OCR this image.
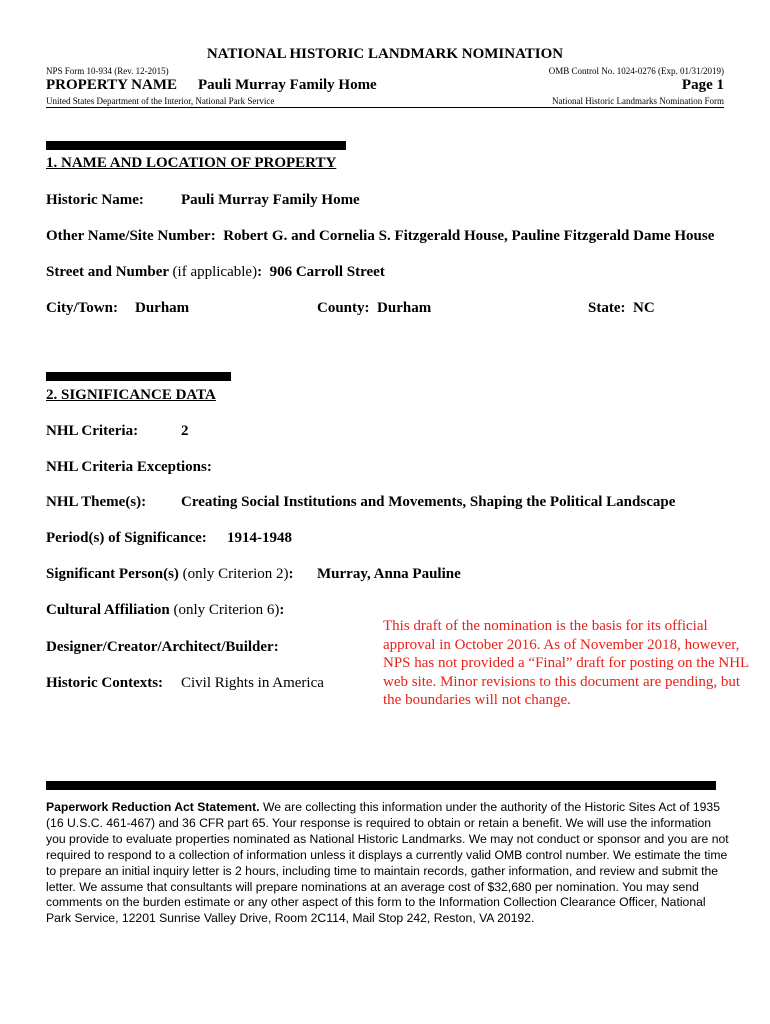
NATIONAL HISTORIC LANDMARK NOMINATION
NPS Form 10-934 (Rev. 12-2015)	OMB Control No. 1024-0276 (Exp. 01/31/2019)
PROPERTY NAME Pauli Murray Family Home	Page 1
United States Department of the Interior, National Park Service	National Historic Landmarks Nomination Form
1. NAME AND LOCATION OF PROPERTY
Historic Name: Pauli Murray Family Home
Other Name/Site Number: Robert G. and Cornelia S. Fitzgerald House, Pauline Fitzgerald Dame House
Street and Number (if applicable): 906 Carroll Street
City/Town: Durham	County: Durham	State: NC
2. SIGNIFICANCE DATA
NHL Criteria:	2
NHL Criteria Exceptions:
NHL Theme(s): Creating Social Institutions and Movements, Shaping the Political Landscape
Period(s) of Significance: 1914-1948
Significant Person(s) (only Criterion 2): Murray, Anna Pauline
Cultural Affiliation (only Criterion 6):
Designer/Creator/Architect/Builder:
Historic Contexts: Civil Rights in America
This draft of the nomination is the basis for its official approval in October 2016. As of November 2018, however, NPS has not provided a “Final” draft for posting on the NHL web site. Minor revisions to this document are pending, but the boundaries will not change.
Paperwork Reduction Act Statement. We are collecting this information under the authority of the Historic Sites Act of 1935 (16 U.S.C. 461-467) and 36 CFR part 65. Your response is required to obtain or retain a benefit. We will use the information you provide to evaluate properties nominated as National Historic Landmarks. We may not conduct or sponsor and you are not required to respond to a collection of information unless it displays a currently valid OMB control number. We estimate the time to prepare an initial inquiry letter is 2 hours, including time to maintain records, gather information, and review and submit the letter. We assume that consultants will prepare nominations at an average cost of $32,680 per nomination. You may send comments on the burden estimate or any other aspect of this form to the Information Collection Clearance Officer, National Park Service, 12201 Sunrise Valley Drive, Room 2C114, Mail Stop 242, Reston, VA 20192.
